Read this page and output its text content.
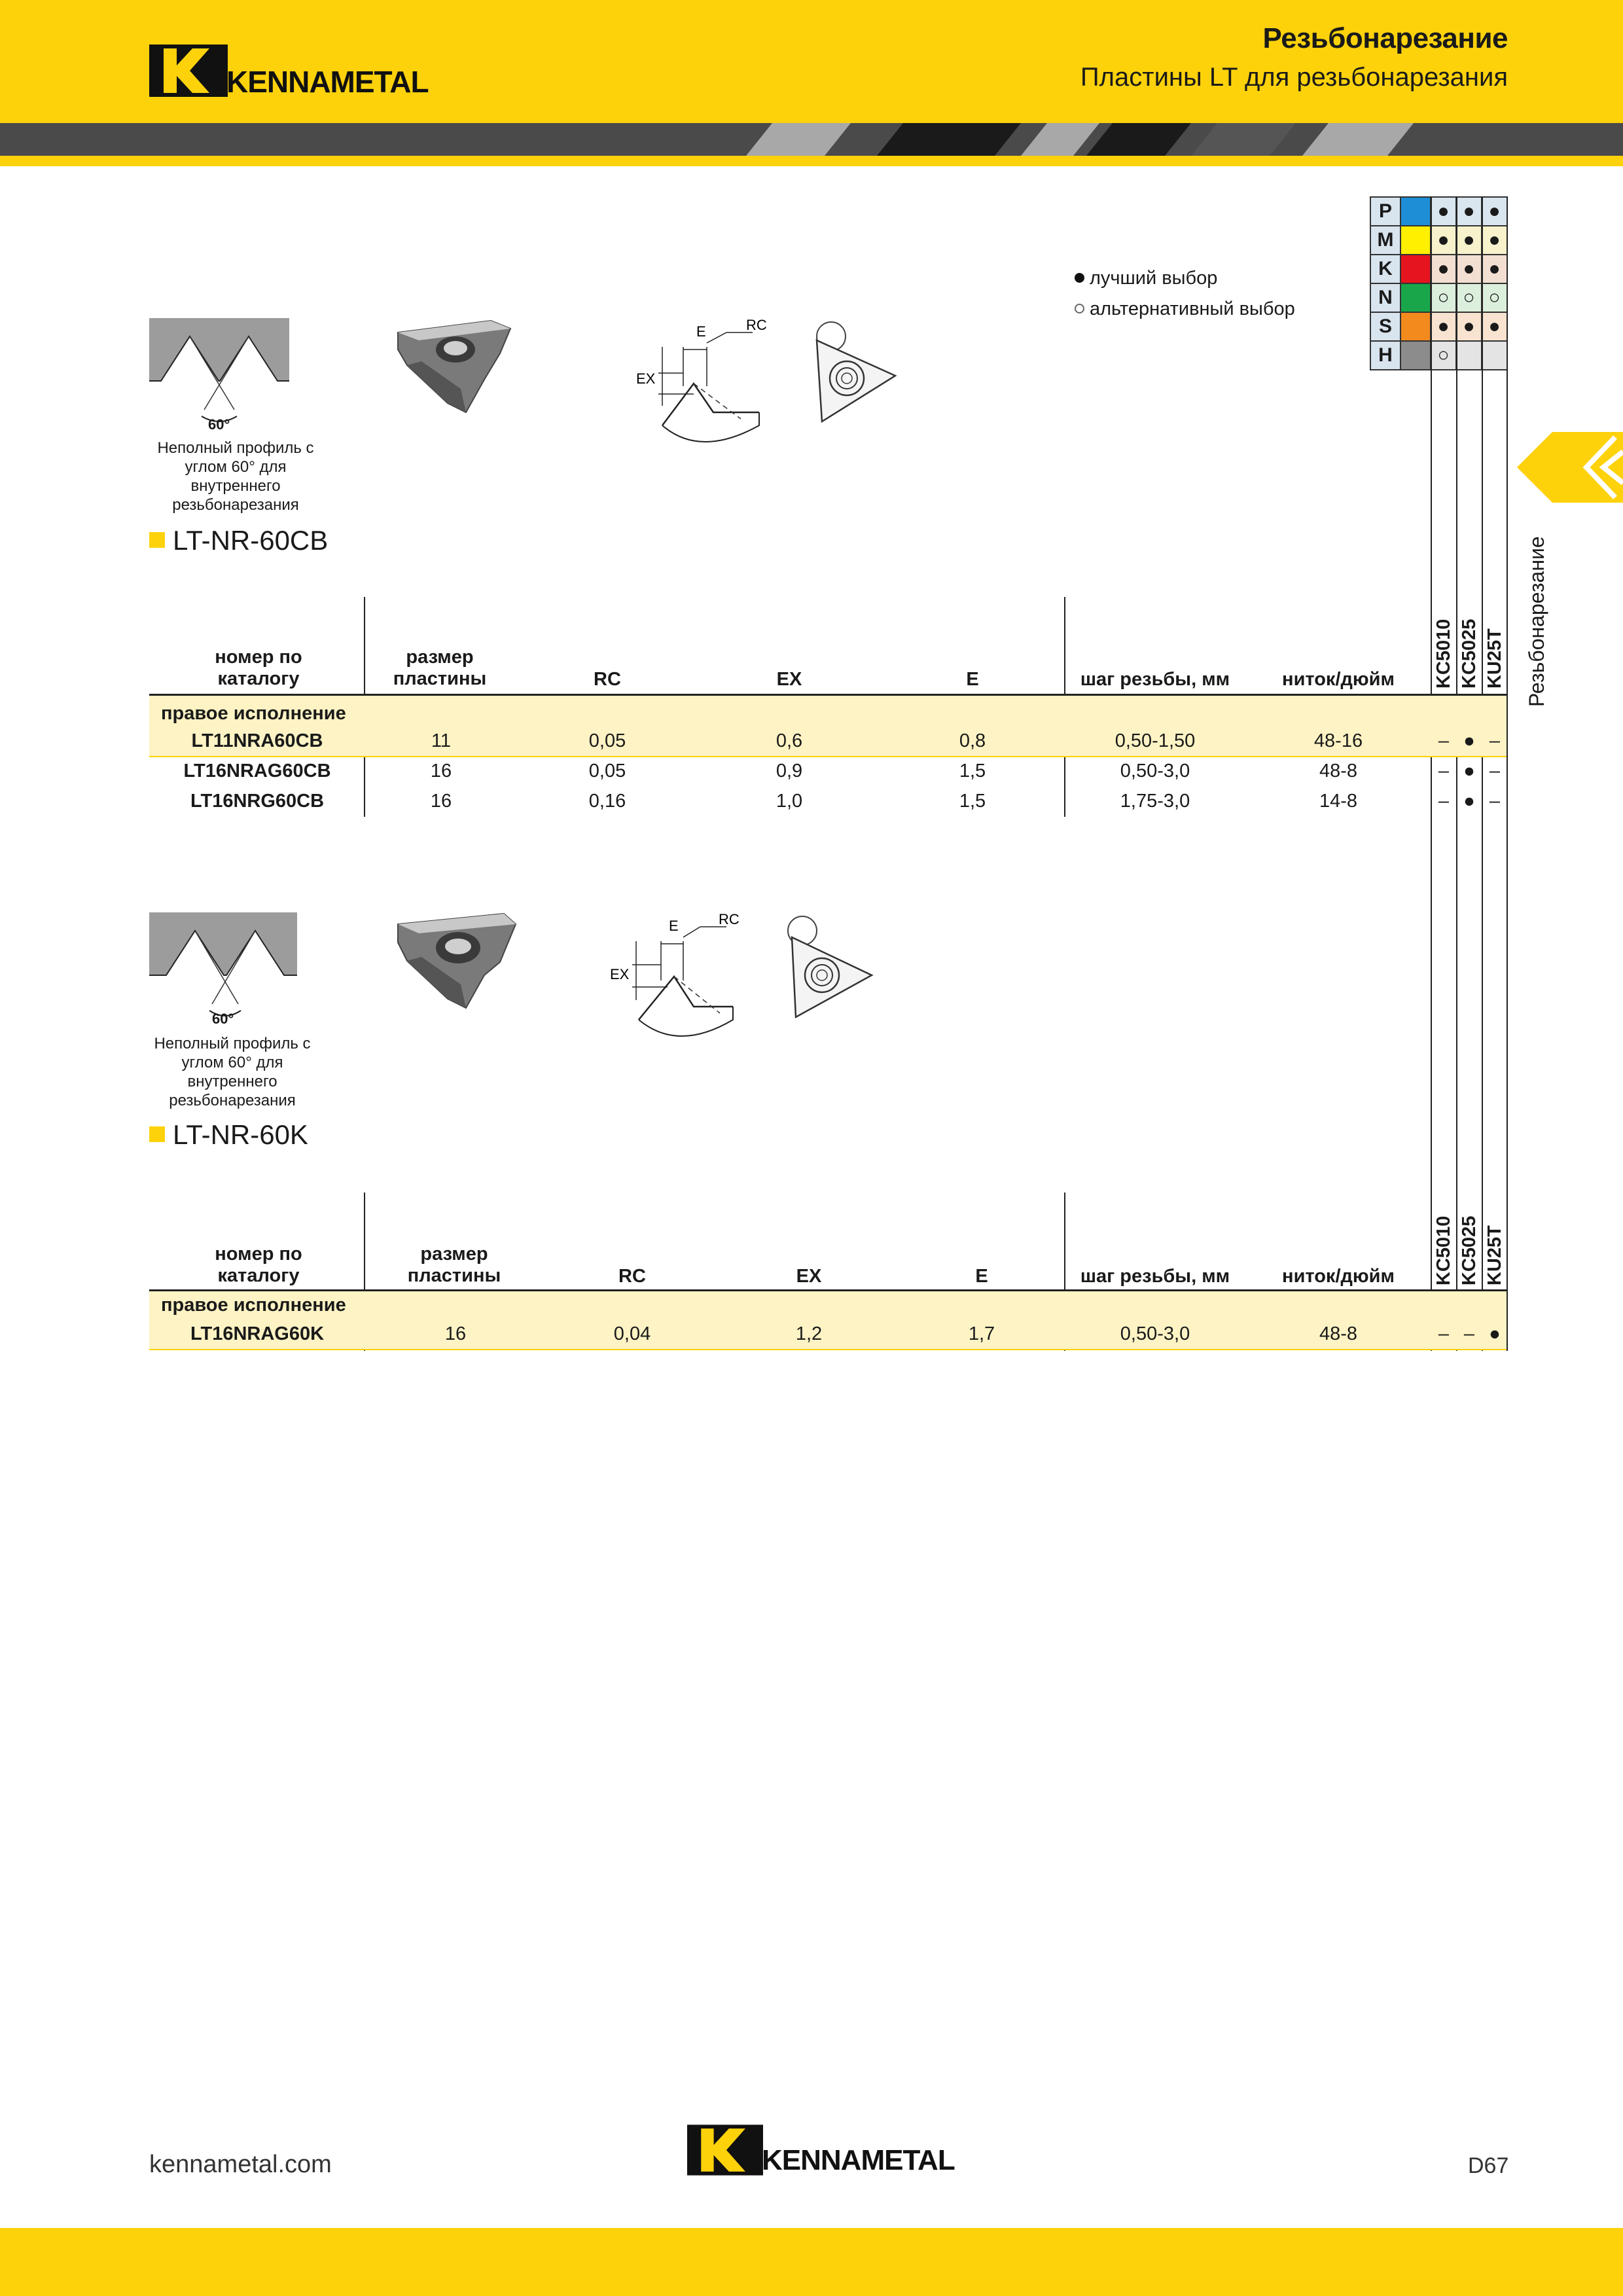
KENNAMETAL
Резьбонарезание
Пластины LT для резьбонарезания
Резьбонарезание
лучший выбор
альтернативный выбор
P		●	●	●
M		●	●	●
K		●	●	●
N		○	○	○
S		●	●	●
H		○		
60°
Неполный профиль с углом 60° для внутреннего резьбонарезания
E	RC
EX
LT-NR-60CB
номер по каталогу
размер пластины	RC	EX	E	шаг резьбы, мм	ниток/дюйм	KC5010 KC5025 KU25T
правое исполнение
LT11NRA60CB	11	0,05	0,6	0,8	0,50-1,50	48-16	– ● –
LT16NRAG60CB	16	0,05	0,9	1,5	0,50-3,0	48-8	– ● –
LT16NRG60CB	16	0,16	1,0	1,5	1,75-3,0	14-8	– ● –
60°
Неполный профиль с углом 60° для внутреннего резьбонарезания
E	RC
EX
LT-NR-60K
номер по каталогу
размер пластины	RC	EX	E	шаг резьбы, мм	ниток/дюйм	KC5010 KC5025 KU25T
правое исполнение
LT16NRAG60K	16	0,04	1,2	1,7	0,50-3,0	48-8	– – ●
kennametal.com	KENNAMETAL	D67
